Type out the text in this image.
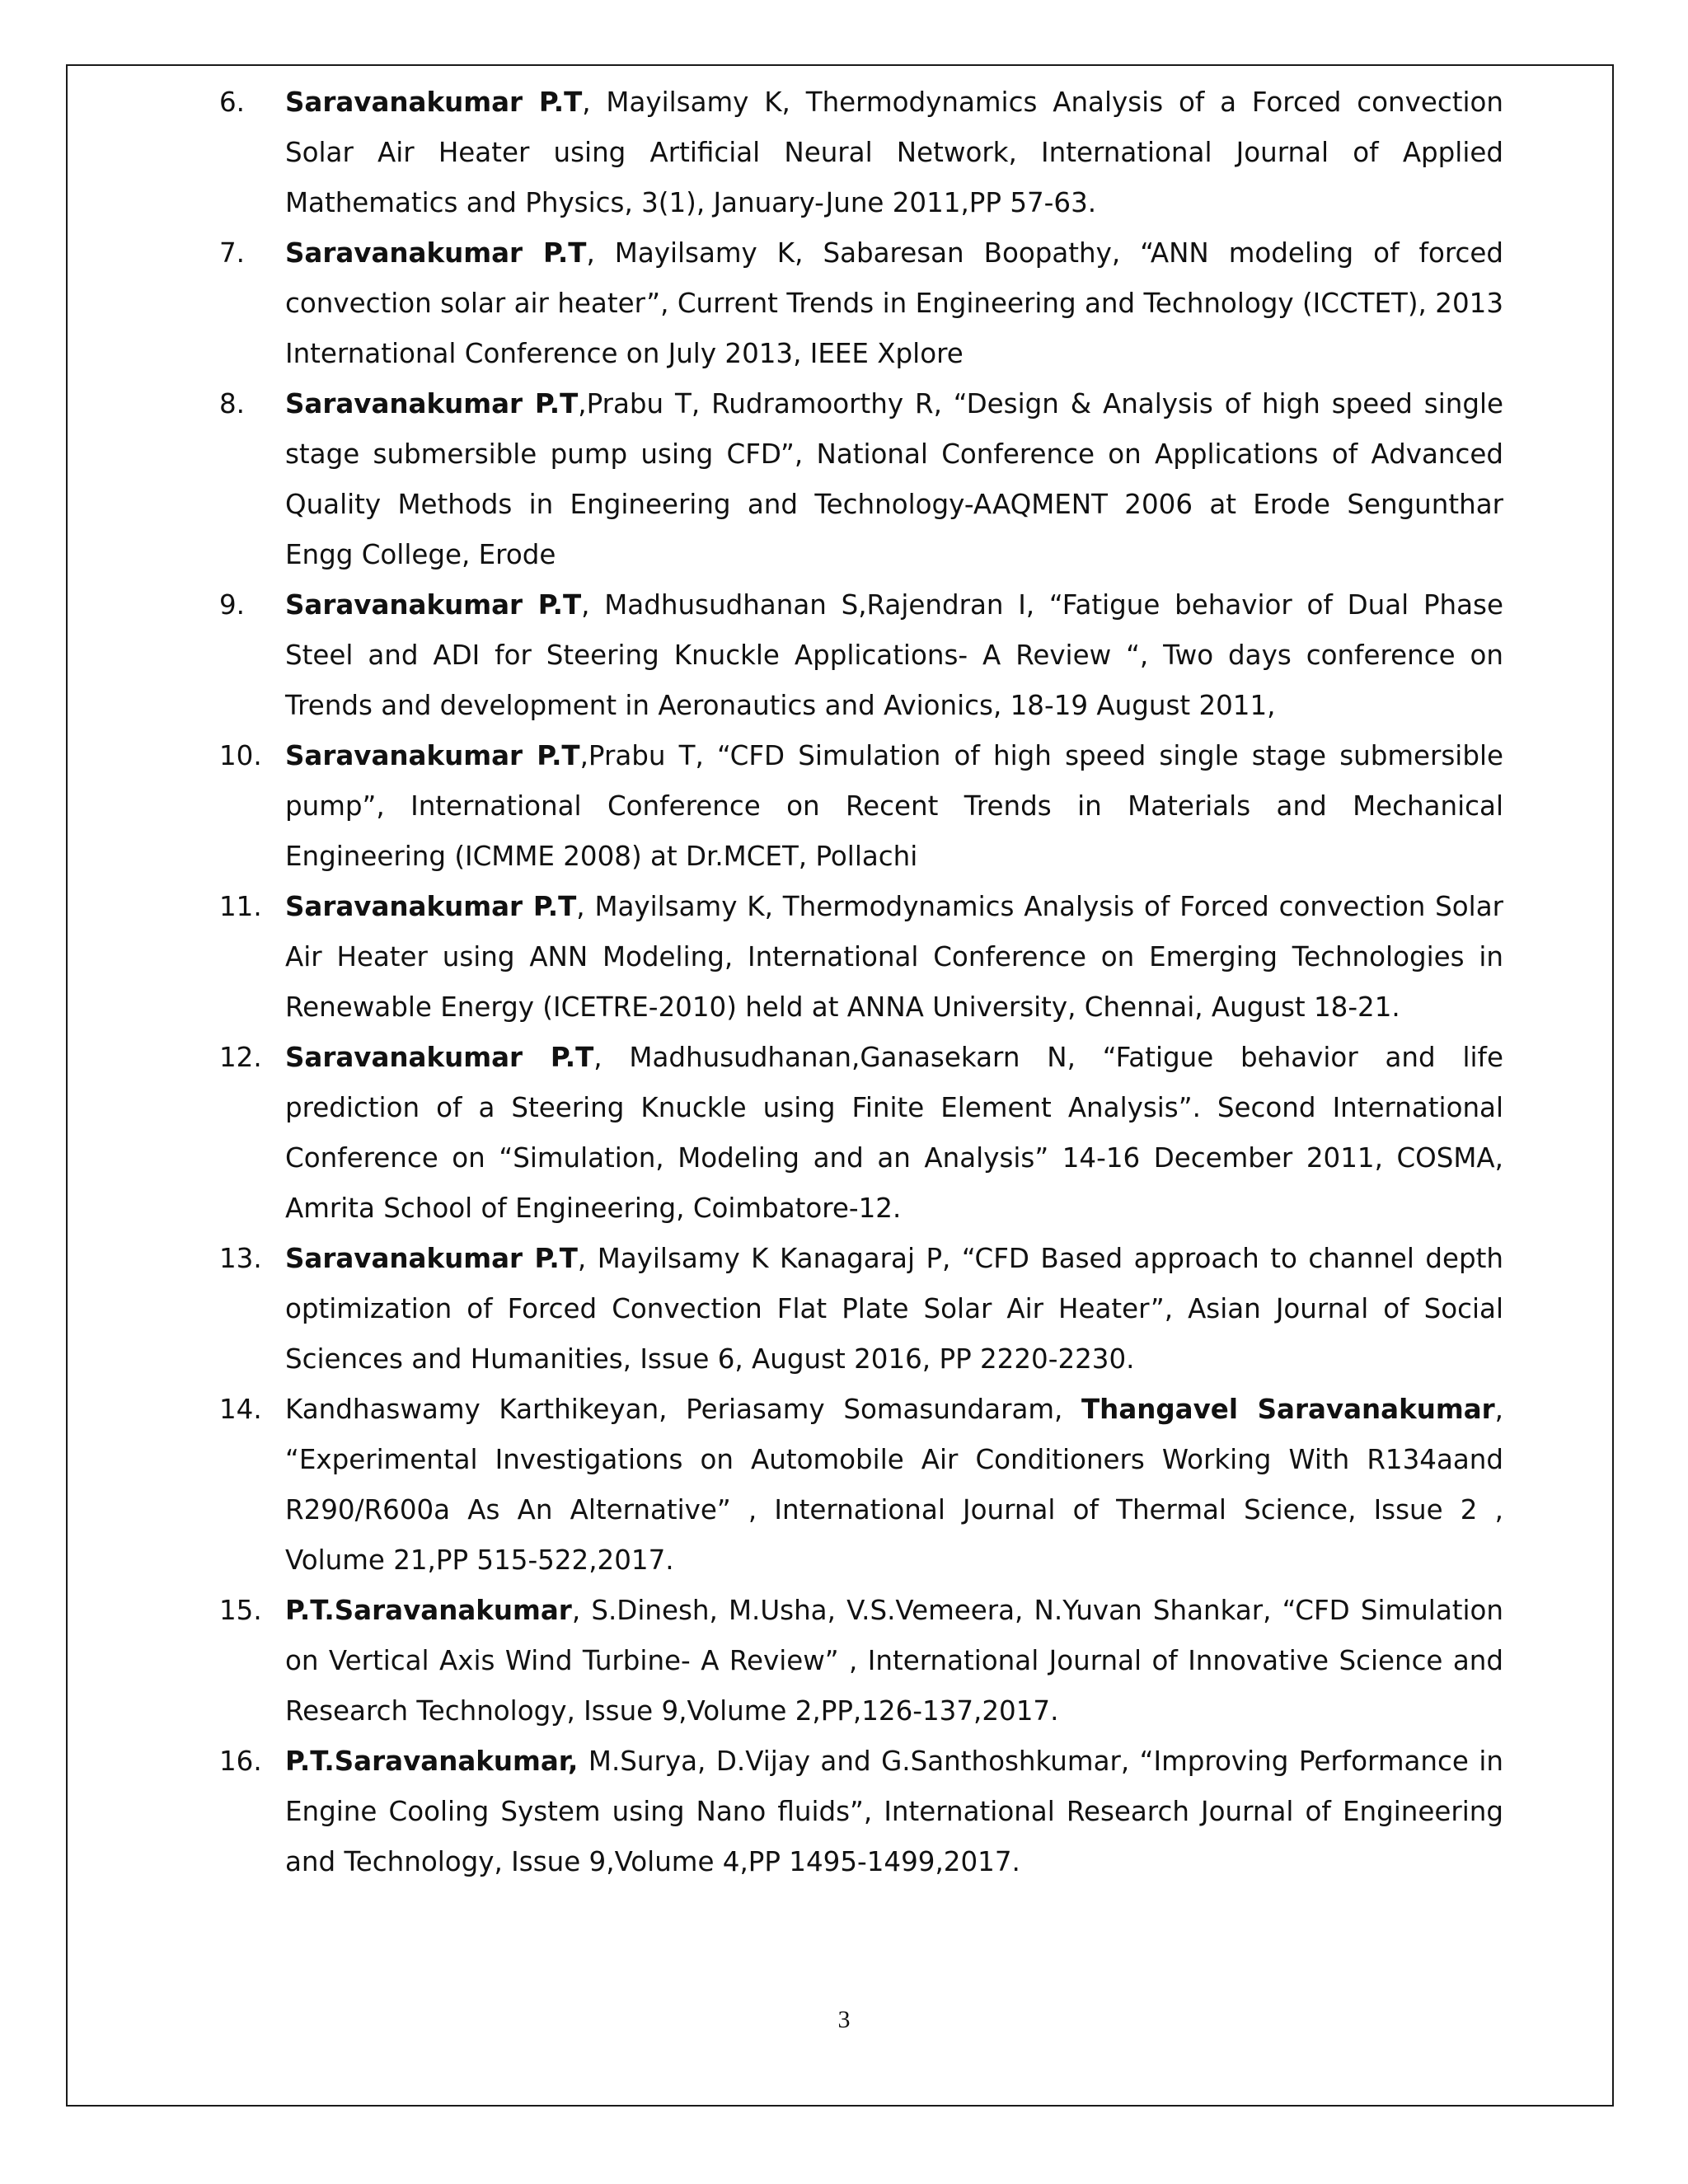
6. Saravanakumar P.T, Mayilsamy K, Thermodynamics Analysis of a Forced convection Solar Air Heater using Artificial Neural Network, International Journal of Applied Mathematics and Physics, 3(1), January-June 2011,PP 57-63.
7. Saravanakumar P.T, Mayilsamy K, Sabaresan Boopathy, “ANN modeling of forced convection solar air heater”, Current Trends in Engineering and Technology (ICCTET), 2013 International Conference on July 2013, IEEE Xplore
8. Saravanakumar P.T,Prabu T, Rudramoorthy R, “Design & Analysis of high speed single stage submersible pump using CFD”, National Conference on Applications of Advanced Quality Methods in Engineering and Technology-AAQMENT 2006 at Erode Sengunthar Engg College, Erode
9. Saravanakumar P.T, Madhusudhanan S,Rajendran I, “Fatigue behavior of Dual Phase Steel and ADI for Steering Knuckle Applications- A Review “, Two days conference on Trends and development in Aeronautics and Avionics, 18-19 August 2011,
10. Saravanakumar P.T,Prabu T, “CFD Simulation of high speed single stage submersible pump”, International Conference on Recent Trends in Materials and Mechanical Engineering (ICMME 2008) at Dr.MCET, Pollachi
11. Saravanakumar P.T, Mayilsamy K, Thermodynamics Analysis of Forced convection Solar Air Heater using ANN Modeling, International Conference on Emerging Technologies in Renewable Energy (ICETRE-2010) held at ANNA University, Chennai, August 18-21.
12. Saravanakumar P.T, Madhusudhanan,Ganasekarn N, “Fatigue behavior and life prediction of a Steering Knuckle using Finite Element Analysis”. Second International Conference on “Simulation, Modeling and an Analysis” 14-16 December 2011, COSMA, Amrita School of Engineering, Coimbatore-12.
13. Saravanakumar P.T, Mayilsamy K Kanagaraj P, “CFD Based approach to channel depth optimization of Forced Convection Flat Plate Solar Air Heater”, Asian Journal of Social Sciences and Humanities, Issue 6, August 2016, PP 2220-2230.
14. Kandhaswamy Karthikeyan, Periasamy Somasundaram, Thangavel Saravanakumar, “Experimental Investigations on Automobile Air Conditioners Working With R134aand R290/R600a As An Alternative” , International Journal of Thermal Science, Issue 2 , Volume 21,PP 515-522,2017.
15. P.T.Saravanakumar, S.Dinesh, M.Usha, V.S.Vemeera, N.Yuvan Shankar, “CFD Simulation on Vertical Axis Wind Turbine- A Review” , International Journal of Innovative Science and Research Technology, Issue 9,Volume 2,PP,126-137,2017.
16. P.T.Saravanakumar, M.Surya, D.Vijay and G.Santhoshkumar, “Improving Performance in Engine Cooling System using Nano fluids”, International Research Journal of Engineering and Technology, Issue 9,Volume 4,PP 1495-1499,2017.
3
